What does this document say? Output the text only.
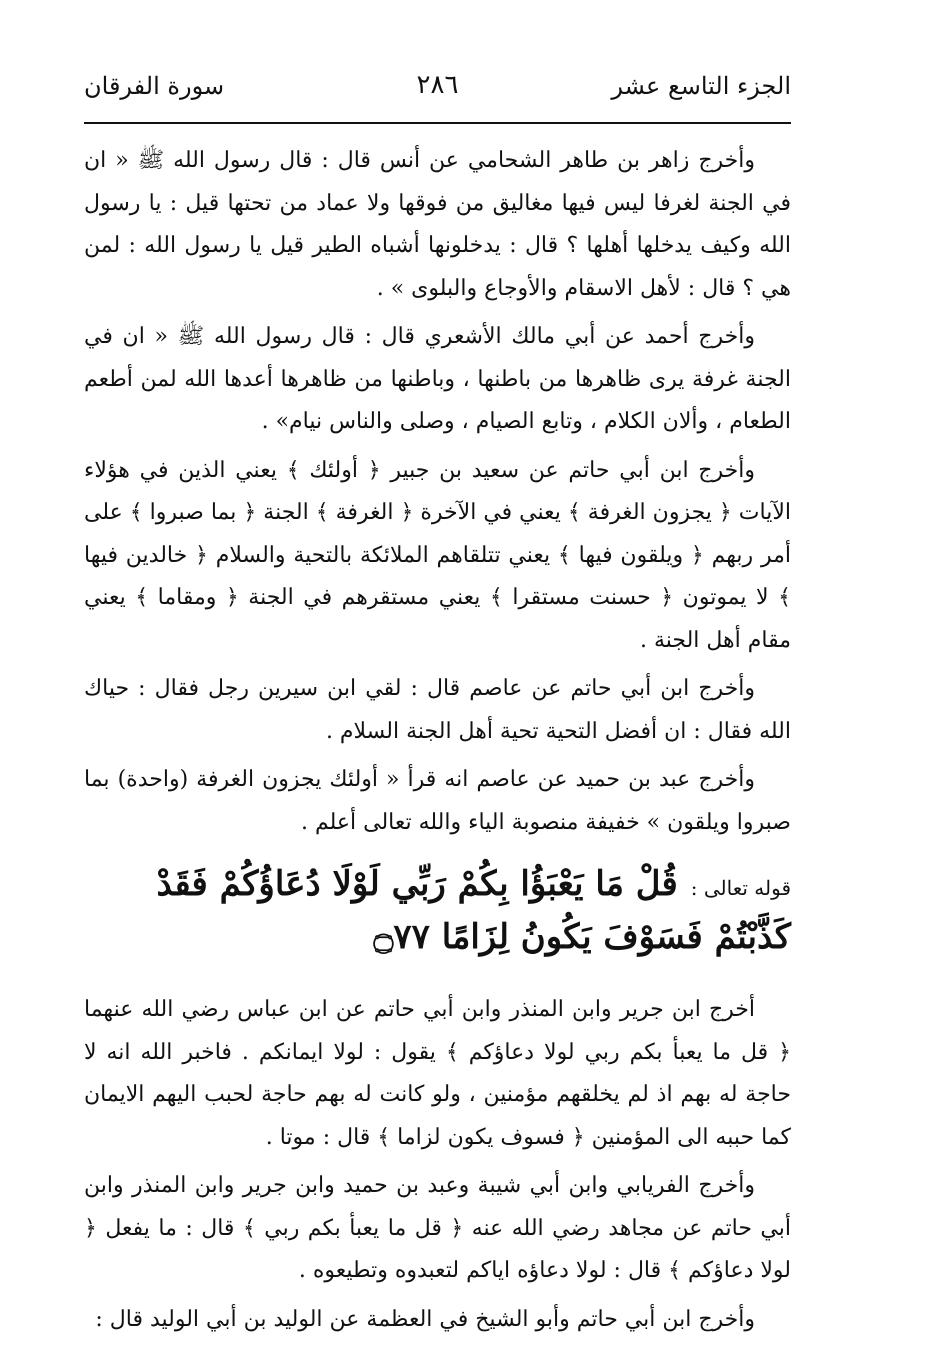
الجزء التاسع عشر
٢٨٦
سورة الفرقان

وأخرج زاهر بن طاهر الشحامي عن أنس قال : قال رسول الله ﷺ « ان في الجنة لغرفا ليس فيها مغاليق من فوقها ولا عماد من تحتها قيل : يا رسول الله وكيف يدخلها أهلها ؟ قال : يدخلونها أشباه الطير قيل يا رسول الله : لمن هي ؟ قال : لأهل الاسقام والأوجاع والبلوى » .

وأخرج أحمد عن أبي مالك الأشعري قال : قال رسول الله ﷺ « ان في الجنة غرفة يرى ظاهرها من باطنها ، وباطنها من ظاهرها أعدها الله لمن أطعم الطعام ، وألان الكلام ، وتابع الصيام ، وصلى والناس نيام» .

وأخرج ابن أبي حاتم عن سعيد بن جبير ﴿ أولئك ﴾ يعني الذين في هؤلاء الآيات ﴿ يجزون الغرفة ﴾ يعني في الآخرة ﴿ الغرفة ﴾ الجنة ﴿ بما صبروا ﴾ على أمر ربهم ﴿ ويلقون فيها ﴾ يعني تتلقاهم الملائكة بالتحية والسلام ﴿ خالدين فيها ﴾ لا يموتون ﴿ حسنت مستقرا ﴾ يعني مستقرهم في الجنة ﴿ ومقاما ﴾ يعني مقام أهل الجنة .

وأخرج ابن أبي حاتم عن عاصم قال : لقي ابن سيرين رجل فقال : حياك الله فقال : ان أفضل التحية تحية أهل الجنة السلام .

وأخرج عبد بن حميد عن عاصم انه قرأ « أولئك يجزون الغرفة (واحدة) بما صبروا ويلقون » خفيفة منصوبة الياء والله تعالى أعلم .

قوله تعالى : قُلْ مَا يَعْبَؤُا بِكُمْ رَبِّي لَوْلَا دُعَاؤُكُمْ فَقَدْ كَذَّبْتُمْ فَسَوْفَ يَكُونُ لِزَامًا ۝٧٧

أخرج ابن جرير وابن المنذر وابن أبي حاتم عن ابن عباس رضي الله عنهما ﴿ قل ما يعبأ بكم ربي لولا دعاؤكم ﴾ يقول : لولا ايمانكم . فاخبر الله انه لا حاجة له بهم اذ لم يخلقهم مؤمنين ، ولو كانت له بهم حاجة لحبب اليهم الايمان كما حببه الى المؤمنين ﴿ فسوف يكون لزاما ﴾ قال : موتا .

وأخرج الفريابي وابن أبي شيبة وعبد بن حميد وابن جرير وابن المنذر وابن أبي حاتم عن مجاهد رضي الله عنه ﴿ قل ما يعبأ بكم ربي ﴾ قال : ما يفعل ﴿ لولا دعاؤكم ﴾ قال : لولا دعاؤه اياكم لتعبدوه وتطيعوه .

وأخرج ابن أبي حاتم وأبو الشيخ في العظمة عن الوليد بن أبي الوليد قال :
